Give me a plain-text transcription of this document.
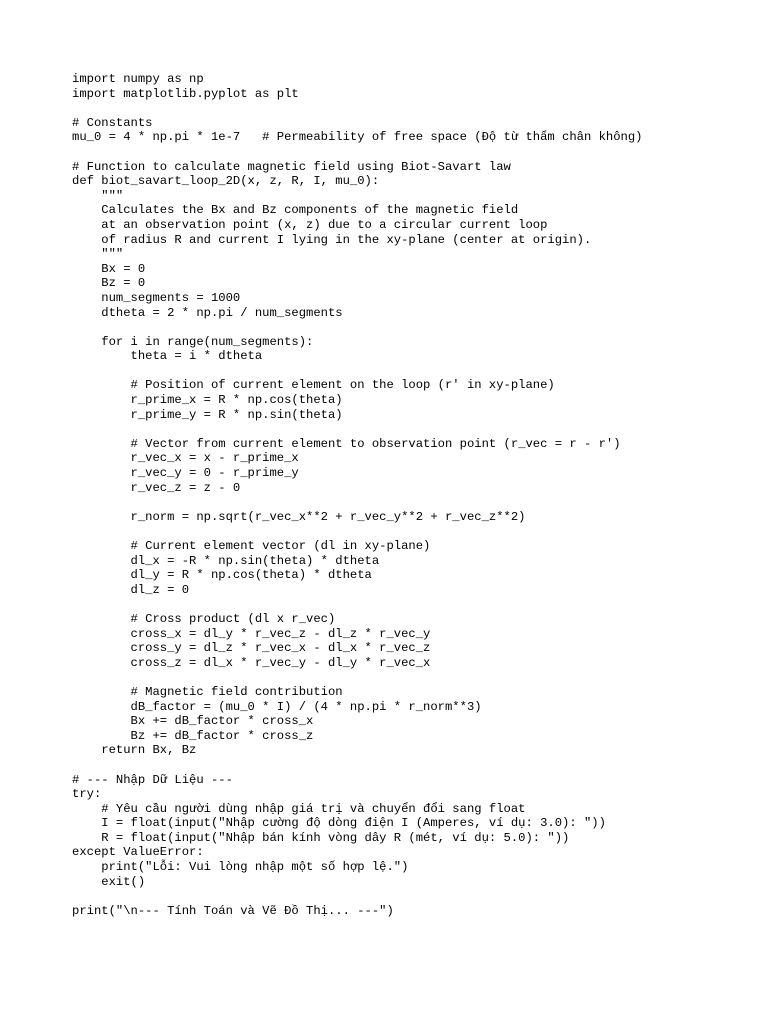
import numpy as np
import matplotlib.pyplot as plt
# Constants
mu_0 = 4 * np.pi * 1e-7   # Permeability of free space (Độ từ thẩm chân không)
# Function to calculate magnetic field using Biot-Savart law
def biot_savart_loop_2D(x, z, R, I, mu_0):
"""
Calculates the Bx and Bz components of the magnetic field
at an observation point (x, z) due to a circular current loop
of radius R and current I lying in the xy-plane (center at origin).
"""
Bx = 0
Bz = 0
num_segments = 1000
dtheta = 2 * np.pi / num_segments
for i in range(num_segments):
theta = i * dtheta
# Position of current element on the loop (r' in xy-plane)
r_prime_x = R * np.cos(theta)
r_prime_y = R * np.sin(theta)
# Vector from current element to observation point (r_vec = r - r')
r_vec_x = x - r_prime_x
r_vec_y = 0 - r_prime_y
r_vec_z = z - 0
r_norm = np.sqrt(r_vec_x**2 + r_vec_y**2 + r_vec_z**2)
# Current element vector (dl in xy-plane)
dl_x = -R * np.sin(theta) * dtheta
dl_y = R * np.cos(theta) * dtheta
dl_z = 0
# Cross product (dl x r_vec)
cross_x = dl_y * r_vec_z - dl_z * r_vec_y
cross_y = dl_z * r_vec_x - dl_x * r_vec_z
cross_z = dl_x * r_vec_y - dl_y * r_vec_x
# Magnetic field contribution
dB_factor = (mu_0 * I) / (4 * np.pi * r_norm**3)
Bx += dB_factor * cross_x
Bz += dB_factor * cross_z
return Bx, Bz
# --- Nhập Dữ Liệu ---
try:
# Yêu cầu người dùng nhập giá trị và chuyển đổi sang float
I = float(input("Nhập cường độ dòng điện I (Amperes, ví dụ: 3.0): "))
R = float(input("Nhập bán kính vòng dây R (mét, ví dụ: 5.0): "))
except ValueError:
print("Lỗi: Vui lòng nhập một số hợp lệ.")
exit()
print("\n--- Tính Toán và Vẽ Đồ Thị... ---")
